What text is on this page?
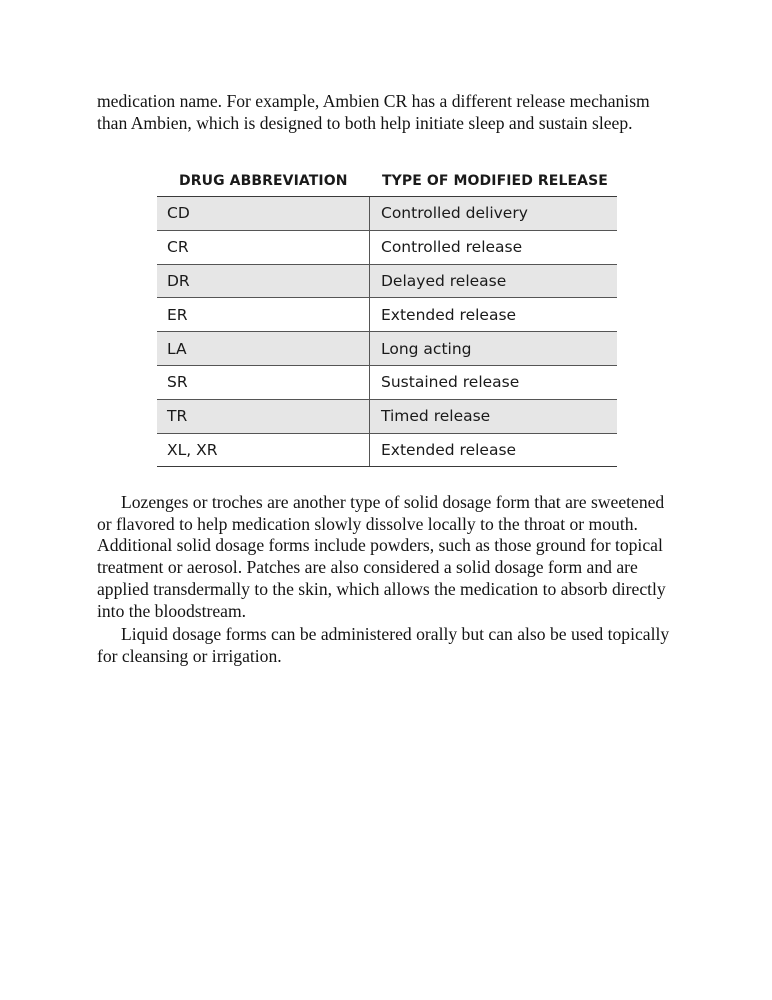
medication name. For example, Ambien CR has a different release mechanism than Ambien, which is designed to both help initiate sleep and sustain sleep.

DRUG ABBREVIATION	TYPE OF MODIFIED RELEASE
CD	Controlled delivery
CR	Controlled release
DR	Delayed release
ER	Extended release
LA	Long acting
SR	Sustained release
TR	Timed release
XL, XR	Extended release

Lozenges or troches are another type of solid dosage form that are sweetened or flavored to help medication slowly dissolve locally to the throat or mouth. Additional solid dosage forms include powders, such as those ground for topical treatment or aerosol. Patches are also considered a solid dosage form and are applied transdermally to the skin, which allows the medication to absorb directly into the bloodstream.

Liquid dosage forms can be administered orally but can also be used topically for cleansing or irrigation.
